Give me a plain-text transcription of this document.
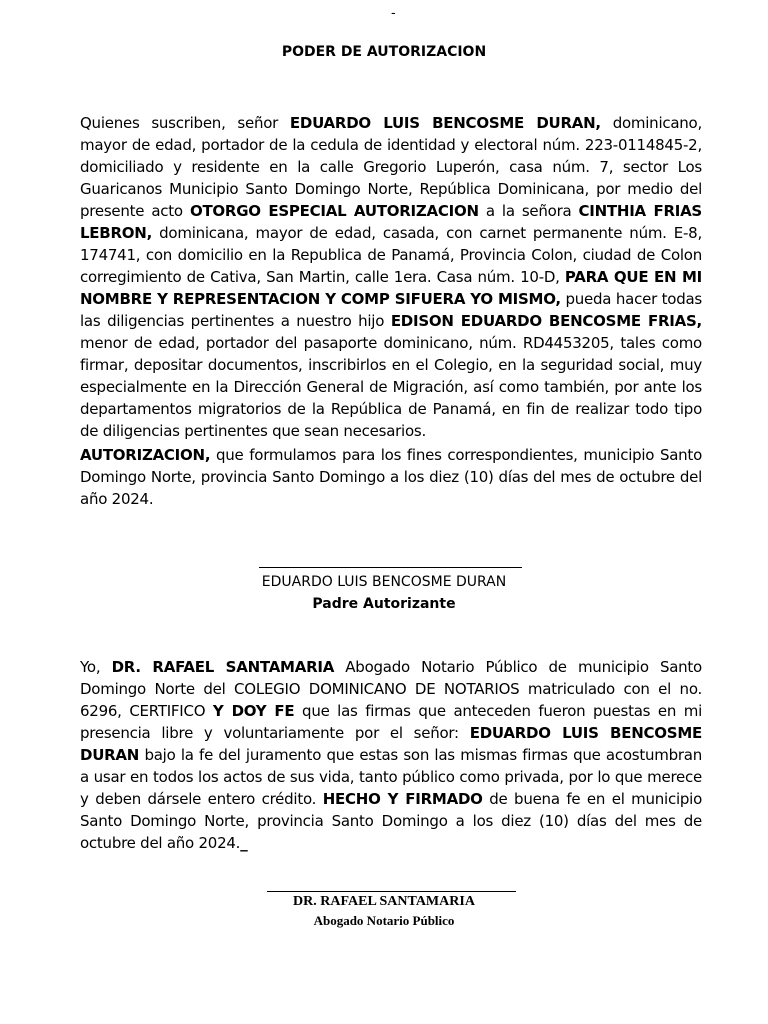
-
PODER DE AUTORIZACION
Quienes suscriben, señor EDUARDO LUIS BENCOSME DURAN, dominicano, mayor de edad, portador de la cedula de identidad y electoral núm. 223-0114845-2, domiciliado y residente en la calle Gregorio Luperón, casa núm. 7, sector Los Guaricanos Municipio Santo Domingo Norte, República Dominicana, por medio del presente acto OTORGO ESPECIAL AUTORIZACION a la señora CINTHIA FRIAS LEBRON, dominicana, mayor de edad, casada, con carnet permanente núm. E-8, 174741, con domicilio en la Republica de Panamá, Provincia Colon, ciudad de Colon corregimiento de Cativa, San Martin, calle 1era. Casa núm. 10-D, PARA QUE EN MI NOMBRE Y REPRESENTACION Y COMP SIFUERA YO MISMO, pueda hacer todas las diligencias pertinentes a nuestro hijo EDISON EDUARDO BENCOSME FRIAS, menor de edad, portador del pasaporte dominicano, núm. RD4453205, tales como firmar, depositar documentos, inscribirlos en el Colegio, en la seguridad social, muy especialmente en la Dirección General de Migración, así como también, por ante los departamentos migratorios de la República de Panamá, en fin de realizar todo tipo de diligencias pertinentes que sean necesarios.
AUTORIZACION, que formulamos para los fines correspondientes, municipio Santo Domingo Norte, provincia Santo Domingo a los diez (10) días del mes de octubre del año 2024.
EDUARDO LUIS BENCOSME DURAN
Padre Autorizante
Yo, DR. RAFAEL SANTAMARIA Abogado Notario Público de municipio Santo Domingo Norte del COLEGIO DOMINICANO DE NOTARIOS matriculado con el no. 6296, CERTIFICO Y DOY FE que las firmas que anteceden fueron puestas en mi presencia libre y voluntariamente por el señor: EDUARDO LUIS BENCOSME DURAN bajo la fe del juramento que estas son las mismas firmas que acostumbran a usar en todos los actos de sus vida, tanto público como privada, por lo que merece y deben dársele entero crédito. HECHO Y FIRMADO de buena fe en el municipio Santo Domingo Norte, provincia Santo Domingo a los diez (10) días del mes de octubre del año 2024._
DR. RAFAEL SANTAMARIA
Abogado Notario Público
